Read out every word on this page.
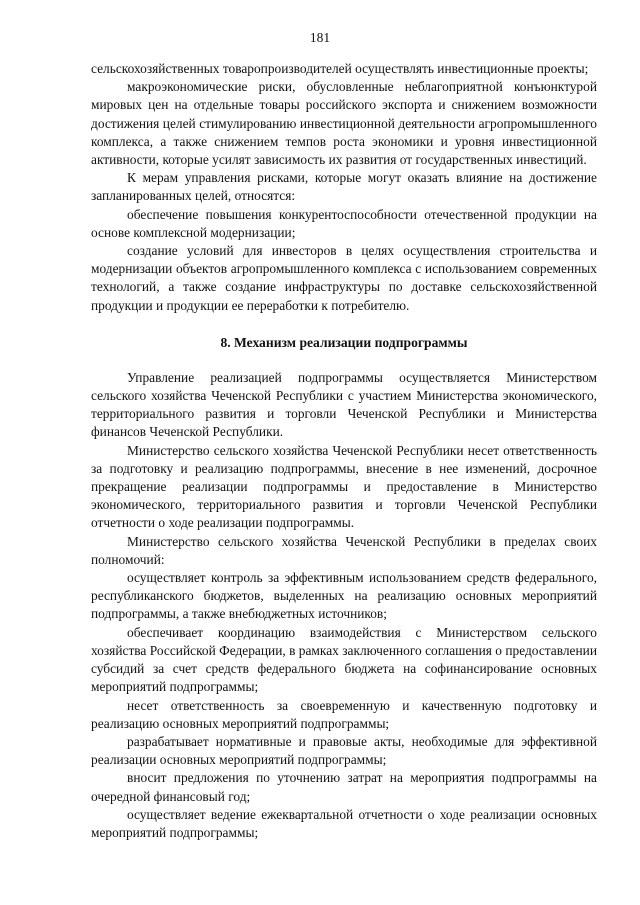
181

сельскохозяйственных товаропроизводителей осуществлять инвестиционные проекты;

макроэкономические риски, обусловленные неблагоприятной конъюнктурой мировых цен на отдельные товары российского экспорта и снижением возможности достижения целей стимулированию инвестиционной деятельности агропромышленного комплекса, а также снижением темпов роста экономики и уровня инвестиционной активности, которые усилят зависимость их развития от государственных инвестиций.

К мерам управления рисками, которые могут оказать влияние на достижение запланированных целей, относятся:

обеспечение повышения конкурентоспособности отечественной продукции на основе комплексной модернизации;

создание условий для инвесторов в целях осуществления строительства и модернизации объектов агропромышленного комплекса с использованием современных технологий, а также создание инфраструктуры по доставке сельскохозяйственной продукции и продукции ее переработки к потребителю.

8. Механизм реализации подпрограммы

Управление реализацией подпрограммы осуществляется Министерством сельского хозяйства Чеченской Республики с участием Министерства экономического, территориального развития и торговли Чеченской Республики и Министерства финансов Чеченской Республики.

Министерство сельского хозяйства Чеченской Республики несет ответственность за подготовку и реализацию подпрограммы, внесение в нее изменений, досрочное прекращение реализации подпрограммы и предоставление в Министерство экономического, территориального развития и торговли Чеченской Республики отчетности о ходе реализации подпрограммы.

Министерство сельского хозяйства Чеченской Республики в пределах своих полномочий:

осуществляет контроль за эффективным использованием средств федерального, республиканского бюджетов, выделенных на реализацию основных мероприятий подпрограммы, а также внебюджетных источников;

обеспечивает координацию взаимодействия с Министерством сельского хозяйства Российской Федерации, в рамках заключенного соглашения о предоставлении субсидий за счет средств федерального бюджета на софинансирование основных мероприятий подпрограммы;

несет ответственность за своевременную и качественную подготовку и реализацию основных мероприятий подпрограммы;

разрабатывает нормативные и правовые акты, необходимые для эффективной реализации основных мероприятий подпрограммы;

вносит предложения по уточнению затрат на мероприятия подпрограммы на очередной финансовый год;

осуществляет ведение ежеквартальной отчетности о ходе реализации основных мероприятий подпрограммы;
